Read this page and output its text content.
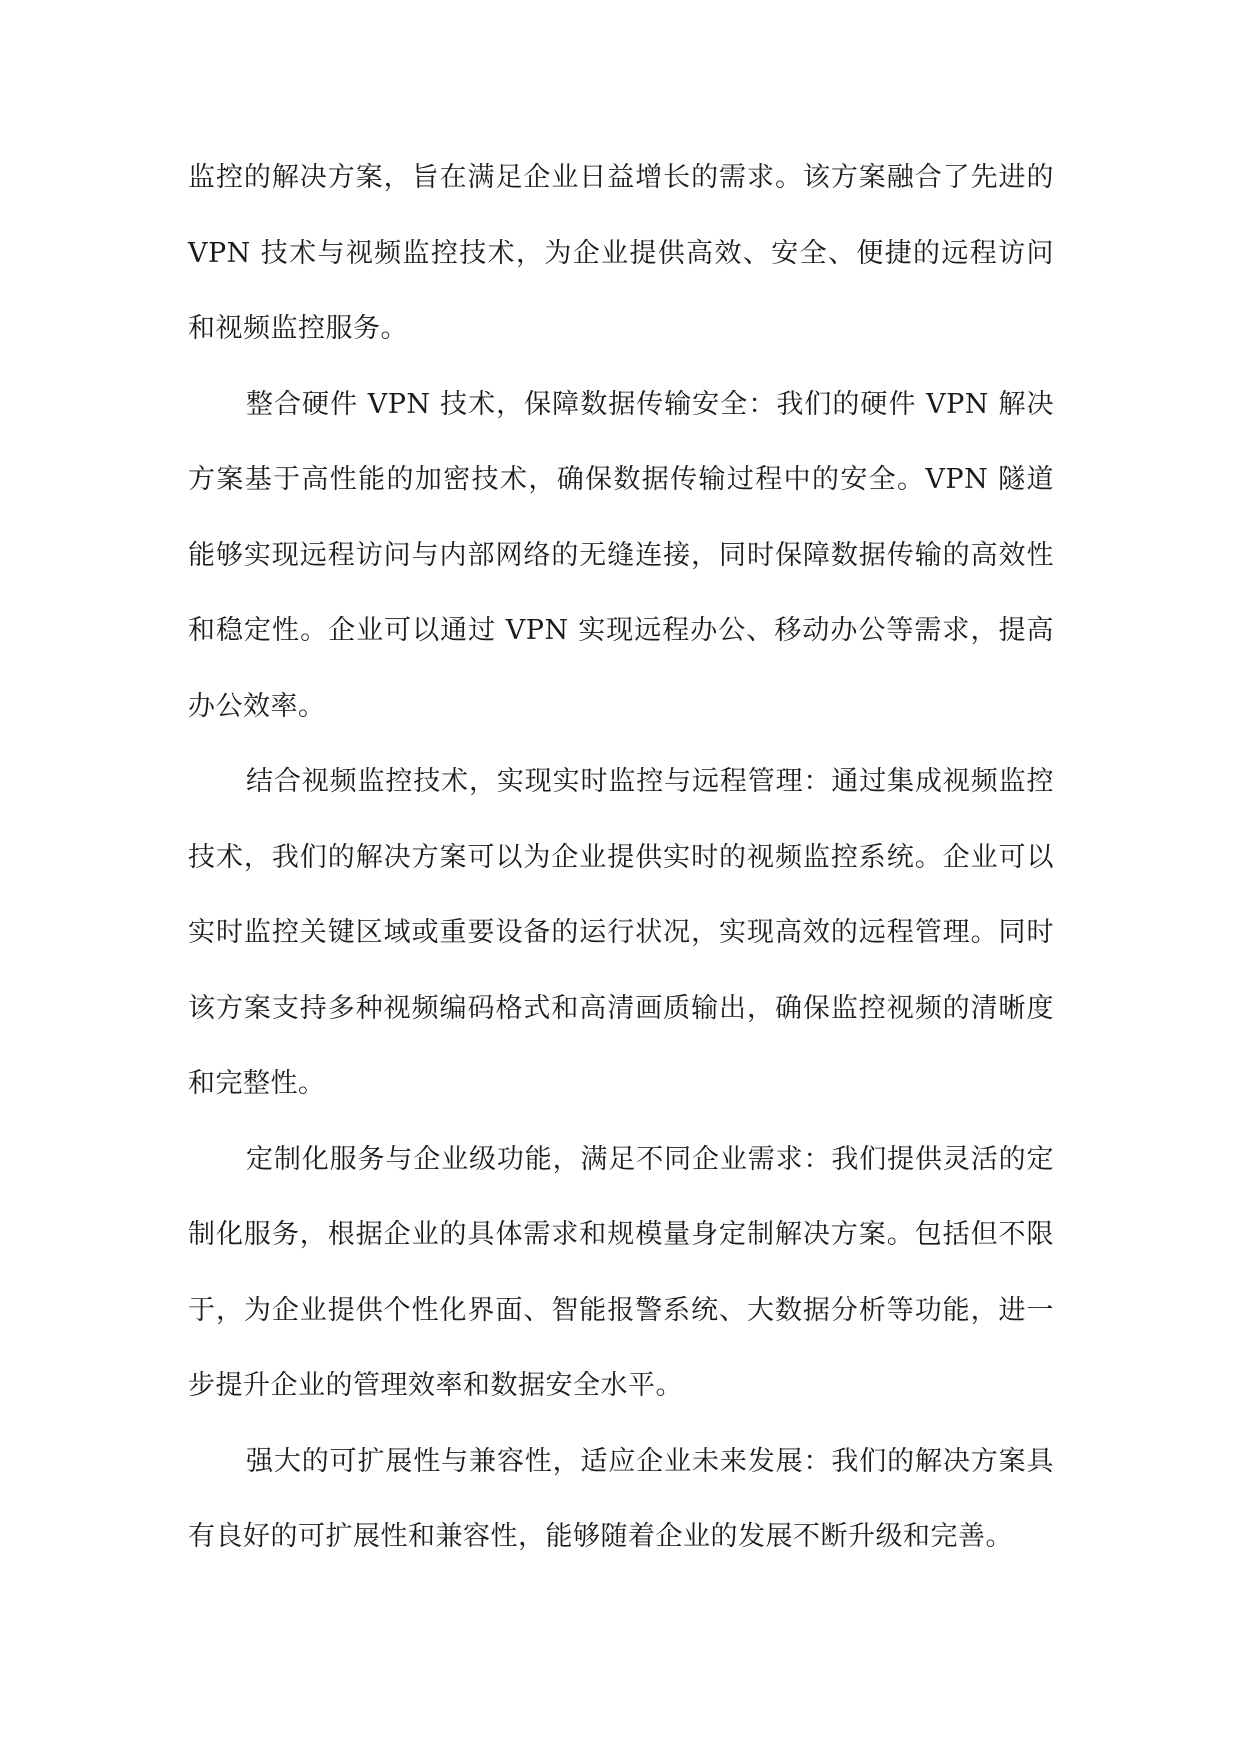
监控的解决方案，旨在满足企业日益增长的需求。该方案融合了先进的 VPN 技术与视频监控技术，为企业提供高效、安全、便捷的远程访问和视频监控服务。

整合硬件 VPN 技术，保障数据传输安全：我们的硬件 VPN 解决方案基于高性能的加密技术，确保数据传输过程中的安全。VPN 隧道能够实现远程访问与内部网络的无缝连接，同时保障数据传输的高效性和稳定性。企业可以通过 VPN 实现远程办公、移动办公等需求，提高办公效率。

结合视频监控技术，实现实时监控与远程管理：通过集成视频监控技术，我们的解决方案可以为企业提供实时的视频监控系统。企业可以实时监控关键区域或重要设备的运行状况，实现高效的远程管理。同时该方案支持多种视频编码格式和高清画质输出，确保监控视频的清晰度和完整性。

定制化服务与企业级功能，满足不同企业需求：我们提供灵活的定制化服务，根据企业的具体需求和规模量身定制解决方案。包括但不限于，为企业提供个性化界面、智能报警系统、大数据分析等功能，进一步提升企业的管理效率和数据安全水平。

强大的可扩展性与兼容性，适应企业未来发展：我们的解决方案具有良好的可扩展性和兼容性，能够随着企业的发展不断升级和完善。
